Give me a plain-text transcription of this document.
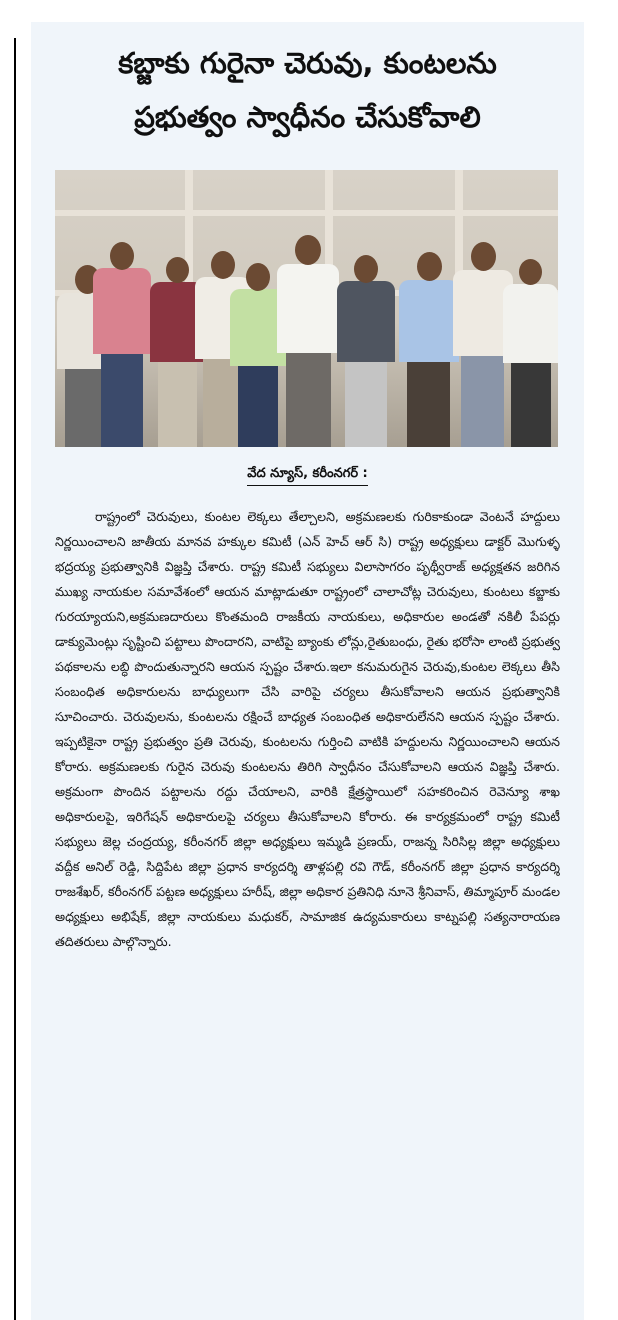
కబ్జాకు గురైనా చెరువు, కుంటలను
ప్రభుత్వం స్వాధీనం చేసుకోవాలి
వేద న్యూస్, కరీంనగర్ :

రాష్ట్రంలో చెరువులు, కుంటల లెక్కలు తేల్చాలని, అక్రమణలకు గురికాకుండా వెంటనే హద్దులు నిర్ణయించాలని జాతీయ మానవ హక్కుల కమిటీ (ఎన్ హెచ్ ఆర్ సి) రాష్ట్ర అధ్యక్షులు డాక్టర్ మొగుళ్ళ భద్రయ్య ప్రభుత్వానికి విజ్ఞప్తి చేశారు. రాష్ట్ర కమిటీ సభ్యులు విలాసాగరం పృథ్వీరాజ్ అధ్యక్షతన జరిగిన ముఖ్య నాయకుల సమావేశంలో ఆయన మాట్లాడుతూ రాష్ట్రంలో చాలాచోట్ల చెరువులు, కుంటలు కబ్జాకు గురయ్యాయని,అక్రమణదారులు కొంతమంది రాజకీయ నాయకులు, అధికారుల అండతో నకిలీ పేపర్లు డాక్యుమెంట్లు సృష్టించి పట్టాలు పొందారని, వాటిపై బ్యాంకు లోన్లు,రైతుబంధు, రైతు భరోసా లాంటి ప్రభుత్వ పథకాలను లబ్ధి పొందుతున్నారని ఆయన స్పష్టం చేశారు.ఇలా కనుమరుగైన చెరువు,కుంటల లెక్కలు తీసి సంబంధిత అధికారులను బాధ్యులుగా చేసి వారిపై చర్యలు తీసుకోవాలని ఆయన ప్రభుత్వానికి సూచించారు. చెరువులను, కుంటలను రక్షించే బాధ్యత సంబంధిత అధికారులేనని ఆయన స్పష్టం చేశారు. ఇప్పటికైనా రాష్ట్ర ప్రభుత్వం ప్రతి చెరువు, కుంటలను గుర్తించి వాటికి హద్దులను నిర్ణయించాలని ఆయన కోరారు. అక్రమణలకు గురైన చెరువు కుంటలను తిరిగి స్వాధీనం చేసుకోవాలని ఆయన విజ్ఞప్తి చేశారు. అక్రమంగా పొందిన పట్టాలను రద్దు చేయాలని, వారికి క్షేత్రస్థాయిలో సహకరించిన రెవెన్యూ శాఖ అధికారులపై, ఇరిగేషన్ అధికారులపై చర్యలు తీసుకోవాలని కోరారు. ఈ కార్యక్రమంలో రాష్ట్ర కమిటీ సభ్యులు జెల్ల చంద్రయ్య, కరీంనగర్ జిల్లా అధ్యక్షులు ఇమ్మడి ప్రణయ్, రాజన్న సిరిసిల్ల జిల్లా అధ్యక్షులు వద్దీక అనిల్ రెడ్డి, సిద్దిపేట జిల్లా ప్రధాన కార్యదర్శి తాళ్లపల్లి రవి గౌడ్, కరీంనగర్ జిల్లా ప్రధాన కార్యదర్శి రాజశేఖర్, కరీంనగర్ పట్టణ అధ్యక్షులు హరీష్, జిల్లా అధికార ప్రతినిధి నూనె శ్రీనివాస్, తిమ్మాపూర్ మండల అధ్యక్షులు అభిషేక్, జిల్లా నాయకులు మధుకర్, సామాజిక ఉద్యమకారులు కాట్నపల్లి సత్యనారాయణ తదితరులు పాల్గొన్నారు.
